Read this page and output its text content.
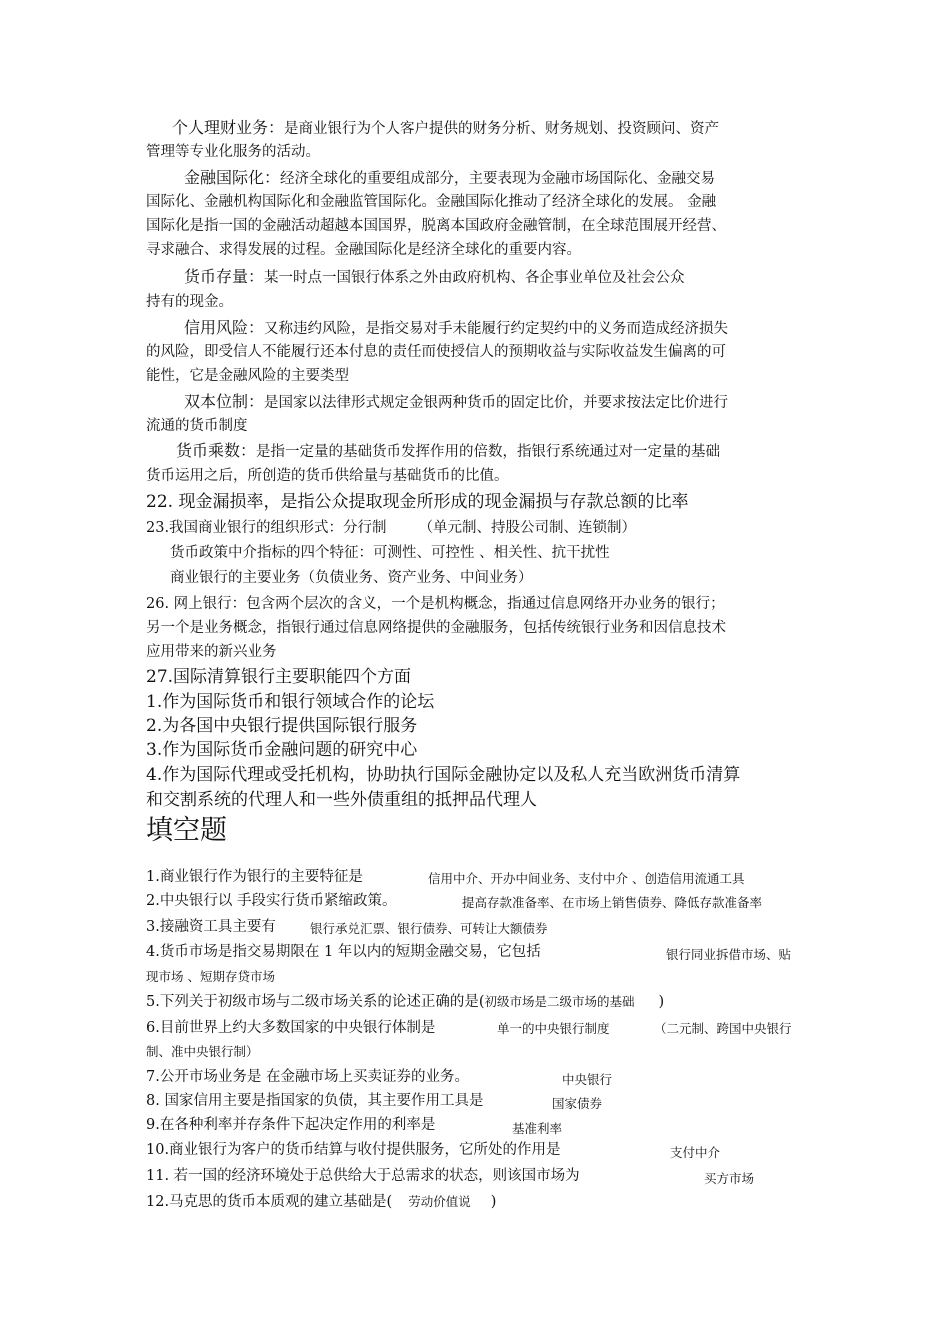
个人理财业务：是商业银行为个人客户提供的财务分析、财务规划、投资顾问、资产
管理等专业化服务的活动。
金融国际化：经济全球化的重要组成部分，主要表现为金融市场国际化、金融交易
国际化、金融机构国际化和金融监管国际化。金融国际化推动了经济全球化的发展。 金融
国际化是指一国的金融活动超越本国国界，脱离本国政府金融管制，在全球范围展开经营、
寻求融合、求得发展的过程。金融国际化是经济全球化的重要内容。
货币存量：某一时点一国银行体系之外由政府机构、各企事业单位及社会公众
持有的现金。
信用风险：又称违约风险，是指交易对手未能履行约定契约中的义务而造成经济损失
的风险，即受信人不能履行还本付息的责任而使授信人的预期收益与实际收益发生偏离的可
能性，它是金融风险的主要类型
双本位制：是国家以法律形式规定金银两种货币的固定比价，并要求按法定比价进行
流通的货币制度
货币乘数：是指一定量的基础货币发挥作用的倍数，指银行系统通过对一定量的基础
货币运用之后，所创造的货币供给量与基础货币的比值。
22. 现金漏损率，是指公众提取现金所形成的现金漏损与存款总额的比率
23.我国商业银行的组织形式：分行制 （单元制、持股公司制、连锁制）
货币政策中介指标的四个特征：可测性、可控性 、相关性、抗干扰性
商业银行的主要业务（负债业务、资产业务、中间业务）
26. 网上银行：包含两个层次的含义，一个是机构概念，指通过信息网络开办业务的银行；
另一个是业务概念，指银行通过信息网络提供的金融服务，包括传统银行业务和因信息技术
应用带来的新兴业务
27.国际清算银行主要职能四个方面
1.作为国际货币和银行领域合作的论坛
2.为各国中央银行提供国际银行服务
3.作为国际货币金融问题的研究中心
4.作为国际代理或受托机构，协助执行国际金融协定以及私人充当欧洲货币清算
和交割系统的代理人和一些外债重组的抵押品代理人
填空题
1.商业银行作为银行的主要特征是	信用中介、开办中间业务、支付中介 、创造信用流通工具
2.中央银行以 手段实行货币紧缩政策。	提高存款准备率、在市场上销售债券、降低存款准备率
3.接融资工具主要有	银行承兑汇票、银行债券、可转让大额债券
4.货币市场是指交易期限在 1 年以内的短期金融交易，它包括	银行同业拆借市场、贴
现市场 、短期存贷市场
5.下列关于初级市场与二级市场关系的论述正确的是(初级市场是二级市场的基础 )
6.目前世界上约大多数国家的中央银行体制是	单一的中央银行制度	（二元制、跨国中央银行
制、准中央银行制）
7.公开市场业务是 在金融市场上买卖证券的业务。	中央银行
8. 国家信用主要是指国家的负债，其主要作用工具是	国家债券
9.在各种利率并存条件下起决定作用的利率是	基准利率
10.商业银行为客户的货币结算与收付提供服务，它所处的作用是	支付中介
11. 若一国的经济环境处于总供给大于总需求的状态，则该国市场为	买方市场
12.马克思的货币本质观的建立基础是( 劳动价值说 )
